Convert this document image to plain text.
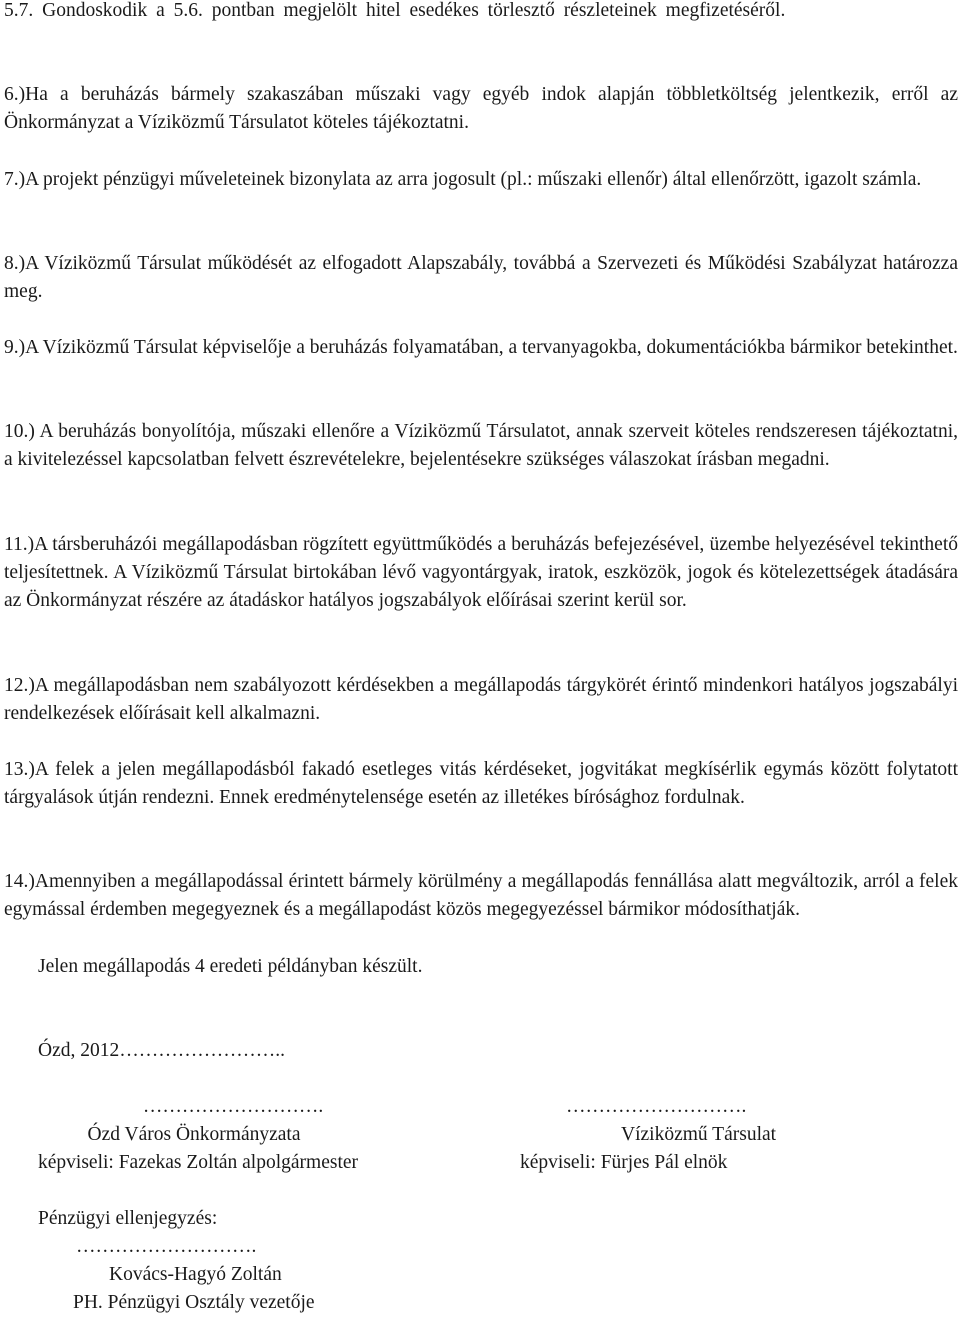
5.7. Gondoskodik a 5.6. pontban megjelölt hitel esedékes törlesztő részleteinek megfizetéséről.

6.)Ha a beruházás bármely szakaszában műszaki vagy egyéb indok alapján többletköltség jelentkezik, erről az Önkormányzat a Víziközmű Társulatot köteles tájékoztatni.

7.)A projekt pénzügyi műveleteinek bizonylata az arra jogosult (pl.: műszaki ellenőr) által ellenőrzött, igazolt számla.

8.)A Víziközmű Társulat működését az elfogadott Alapszabály, továbbá a Szervezeti és Működési Szabályzat határozza meg.

9.)A Víziközmű Társulat képviselője a beruházás folyamatában, a tervanyagokba, dokumentációkba bármikor betekinthet.

10.) A beruházás bonyolítója, műszaki ellenőre a Víziközmű Társulatot, annak szerveit köteles rendszeresen tájékoztatni, a kivitelezéssel kapcsolatban felvett észrevételekre, bejelentésekre szükséges válaszokat írásban megadni.

11.)A társberuházói megállapodásban rögzített együttműködés a beruházás befejezésével, üzembe helyezésével tekinthető teljesítettnek. A Víziközmű Társulat birtokában lévő vagyontárgyak, iratok, eszközök, jogok és kötelezettségek átadására az Önkormányzat részére az átadáskor hatályos jogszabályok előírásai szerint kerül sor.

12.)A megállapodásban nem szabályozott kérdésekben a megállapodás tárgykörét érintő mindenkori hatályos jogszabályi rendelkezések előírásait kell alkalmazni.

13.)A felek a jelen megállapodásból fakadó esetleges vitás kérdéseket, jogvitákat megkísérlik egymás között folytatott tárgyalások útján rendezni. Ennek eredménytelensége esetén az illetékes bírósághoz fordulnak.

14.)Amennyiben a megállapodással érintett bármely körülmény a megállapodás fennállása alatt megváltozik, arról a felek egymással érdemben megegyeznek és a megállapodást közös megegyezéssel bármikor módosíthatják.

Jelen megállapodás 4 eredeti példányban készült.

Ózd, 2012……………………..

……………………….

Ózd Város Önkormányzata

képviseli: Fazekas Zoltán alpolgármester

……………………….

Víziközmű Társulat

képviseli: Fürjes Pál elnök

Pénzügyi ellenjegyzés:

……………………….

Kovács-Hagyó Zoltán

PH. Pénzügyi Osztály vezetője
